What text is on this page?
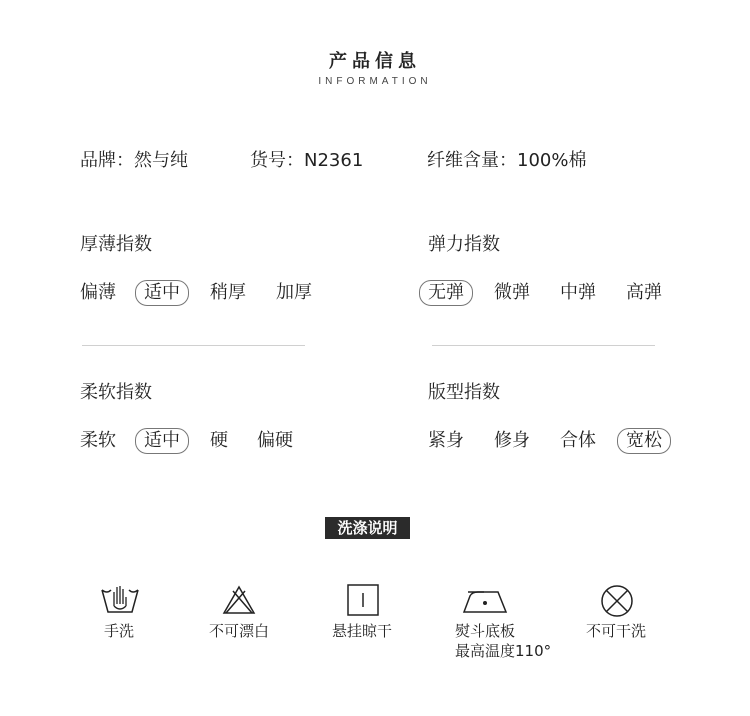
产品信息
INFORMATION
品牌：然与纯	货号：N2361	纤维含量：100%棉
厚薄指数
偏薄	适中	稍厚 加厚
弹力指数
无弹	微弹 中弹 高弹
柔软指数
柔软	适中	硬 偏硬
版型指数
紧身 修身 合体	宽松
洗涤说明
手洗	不可漂白	悬挂晾干	熨斗底板
最高温度110°
不可干洗
